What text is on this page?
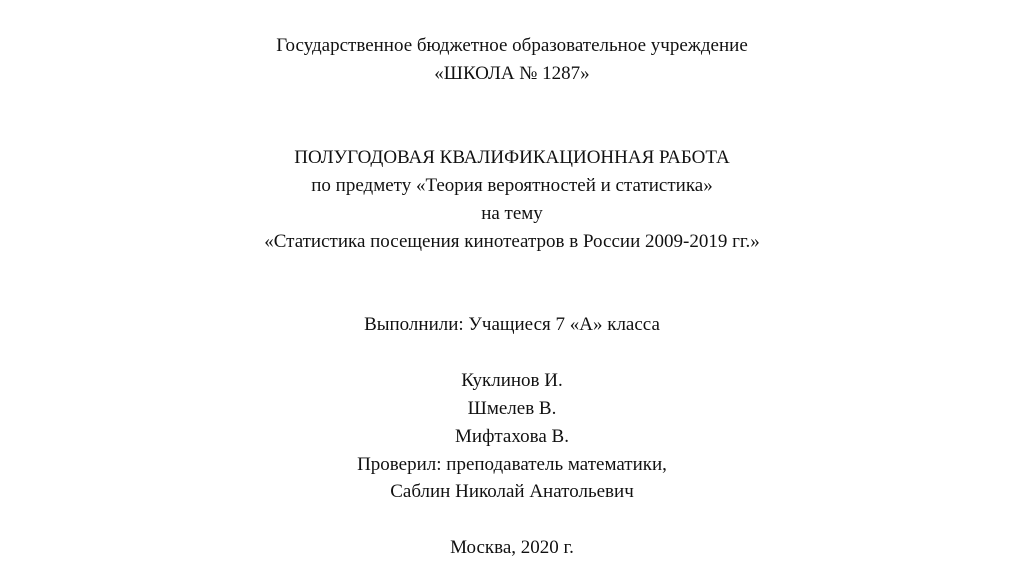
Государственное бюджетное образовательное учреждение
«ШКОЛА № 1287»
ПОЛУГОДОВАЯ КВАЛИФИКАЦИОННАЯ РАБОТА
по предмету «Теория вероятностей и статистика»
на тему
«Статистика посещения кинотеатров в России 2009-2019 гг.»
Выполнили: Учащиеся 7 «А» класса
Куклинов И.
Шмелев В.
Мифтахова В.
Проверил: преподаватель математики,
Саблин Николай Анатольевич
Москва, 2020 г.
